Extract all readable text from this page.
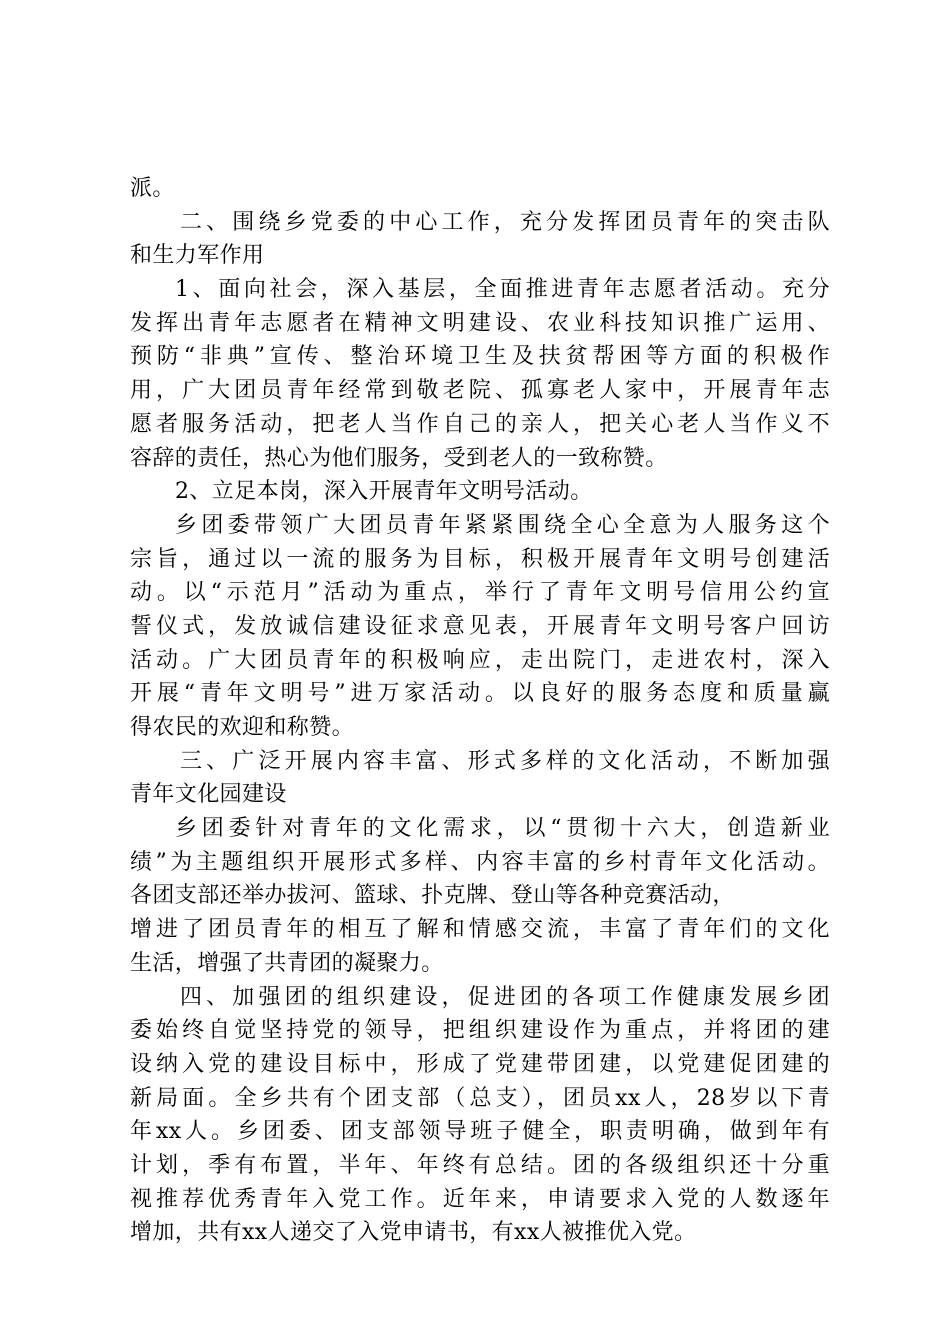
派。
二、围绕乡党委的中心工作，充分发挥团员青年的突击队
和生力军作用
1、面向社会，深入基层，全面推进青年志愿者活动。充分
发挥出青年志愿者在精神文明建设、农业科技知识推广运用、
预防“非典”宣传、整治环境卫生及扶贫帮困等方面的积极作
用，广大团员青年经常到敬老院、孤寡老人家中，开展青年志
愿者服务活动，把老人当作自己的亲人，把关心老人当作义不
容辞的责任，热心为他们服务，受到老人的一致称赞。
2、立足本岗，深入开展青年文明号活动。
乡团委带领广大团员青年紧紧围绕全心全意为人服务这个
宗旨，通过以一流的服务为目标，积极开展青年文明号创建活
动。以“示范月”活动为重点，举行了青年文明号信用公约宣
誓仪式，发放诚信建设征求意见表，开展青年文明号客户回访
活动。广大团员青年的积极响应，走出院门，走进农村，深入
开展“青年文明号”进万家活动。以良好的服务态度和质量赢
得农民的欢迎和称赞。
三、广泛开展内容丰富、形式多样的文化活动，不断加强
青年文化园建设
乡团委针对青年的文化需求，以“贯彻十六大，创造新业
绩”为主题组织开展形式多样、内容丰富的乡村青年文化活动。
各团支部还举办拔河、篮球、扑克牌、登山等各种竞赛活动，
增进了团员青年的相互了解和情感交流，丰富了青年们的文化
生活，增强了共青团的凝聚力。
四、加强团的组织建设，促进团的各项工作健康发展乡团
委始终自觉坚持党的领导，把组织建设作为重点，并将团的建
设纳入党的建设目标中，形成了党建带团建，以党建促团建的
新局面。全乡共有个团支部（总支），团员xx人，28岁以下青
年xx人。乡团委、团支部领导班子健全，职责明确，做到年有
计划，季有布置，半年、年终有总结。团的各级组织还十分重
视推荐优秀青年入党工作。近年来，申请要求入党的人数逐年
增加，共有xx人递交了入党申请书，有xx人被推优入党。
